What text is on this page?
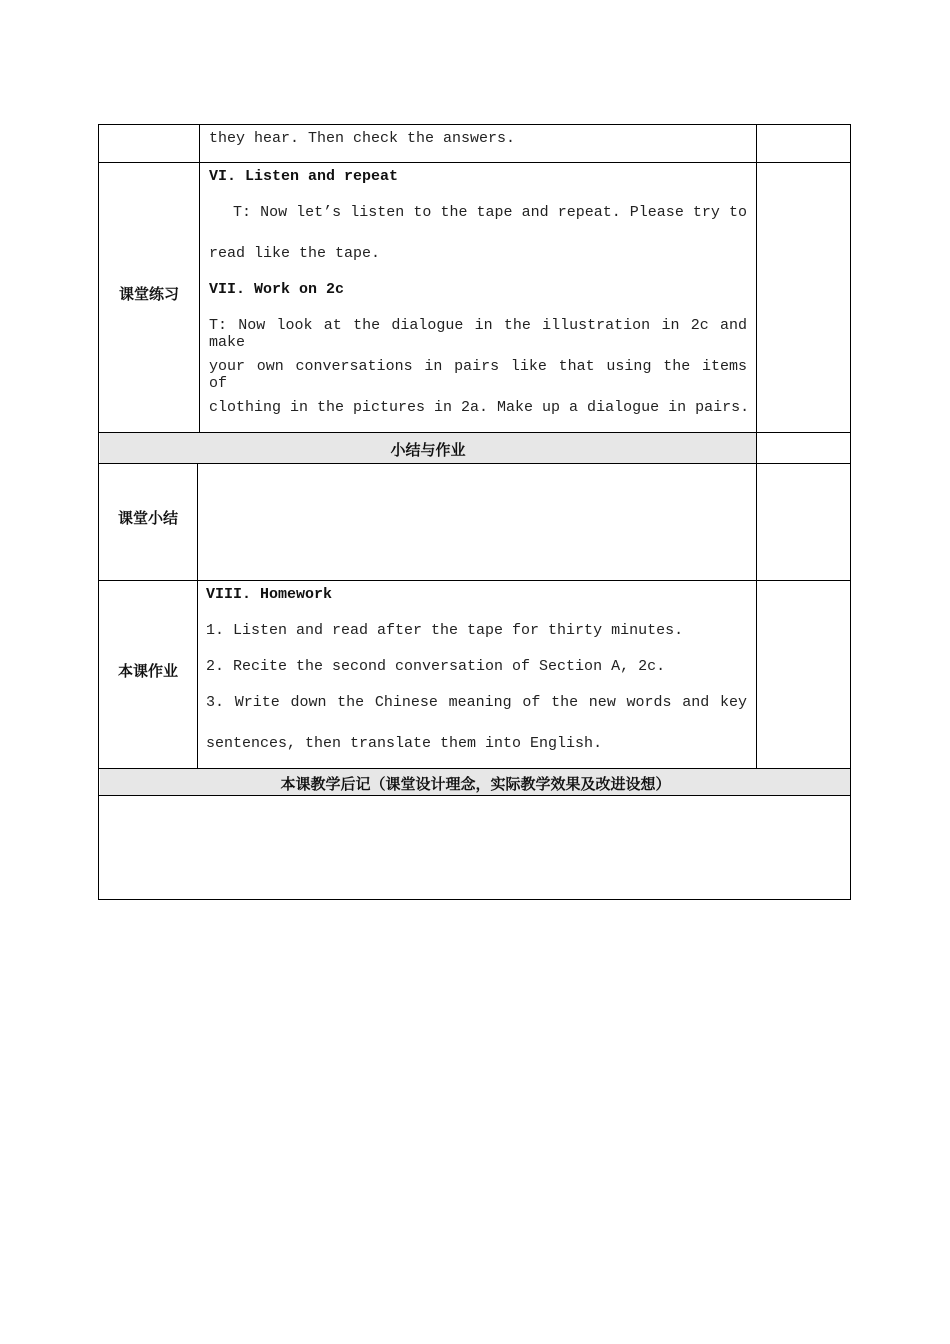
they hear. Then check the answers.
课堂练习
VI. Listen and repeat
T: Now let’s listen to the tape and repeat. Please try to
read like the tape.
VII. Work on 2c
T: Now look at the dialogue in the illustration in 2c and make
your own conversations in pairs like that using the items of
clothing in the pictures in 2a. Make up a dialogue in pairs.
小结与作业
课堂小结
本课作业
VIII. Homework
1. Listen and read after the tape for thirty minutes.
2. Recite the second conversation of Section A, 2c.
3. Write down the Chinese meaning of the new words and key
sentences, then translate them into English.
本课教学后记（课堂设计理念，实际教学效果及改进设想）
